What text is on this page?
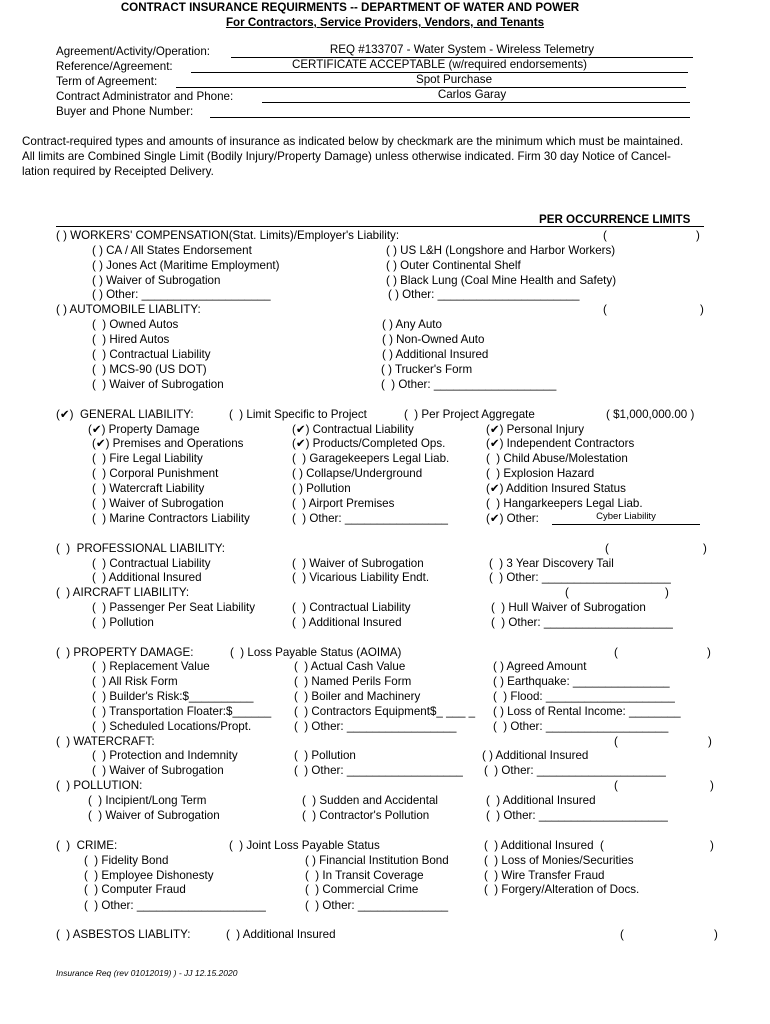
CONTRACT INSURANCE REQUIRMENTS -- DEPARTMENT OF WATER AND POWER
For Contractors, Service Providers, Vendors, and Tenants
Agreement/Activity/Operation:	REQ #133707 - Water System - Wireless Telemetry
Reference/Agreement:	CERTIFICATE ACCEPTABLE (w/required endorsements)
Term of Agreement:	Spot Purchase
Contract Administrator and Phone:	Carlos Garay
Buyer and Phone Number:
Contract-required types and amounts of insurance as indicated below by checkmark are the minimum which must be maintained.
All limits are Combined Single Limit (Bodily Injury/Property Damage) unless otherwise indicated. Firm 30 day Notice of Cancel-
lation required by Receipted Delivery.
PER OCCURRENCE LIMITS
( ) WORKERS' COMPENSATION(Stat. Limits)/Employer's Liability:	(	)
( ) CA / All States Endorsement
( ) Jones Act (Maritime Employment)
( ) Waiver of Subrogation
( ) Other: ____________________
( ) US L&H (Longshore and Harbor Workers)
( ) Outer Continental Shelf
( ) Black Lung (Coal Mine Health and Safety)
( ) Other: ______________________
( ) AUTOMOBILE LIABLITY:	(	)
(  ) Owned Autos
(  ) Hired Autos
(  ) Contractual Liability
(  ) MCS-90 (US DOT)
(  ) Waiver of Subrogation
( ) Any Auto
( ) Non-Owned Auto
( ) Additional Insured
( ) Trucker's Form
(  ) Other: ___________________
(✔) GENERAL LIABILITY:	(  ) Limit Specific to Project	(  ) Per Project Aggregate	( $1,000,000.00 )
(✔) Property Damage
(✔) Premises and Operations
(  ) Fire Legal Liability
(  ) Corporal Punishment
(  ) Watercraft Liability
(  ) Waiver of Subrogation
(  ) Marine Contractors Liability
(✔) Contractual Liability
(✔) Products/Completed Ops.
(  ) Garagekeepers Legal Liab.
( ) Collapse/Underground
( ) Pollution
(  ) Airport Premises
(  ) Other: ________________
(✔) Personal Injury
(✔) Independent Contractors
(  ) Child Abuse/Molestation
(  ) Explosion Hazard
(✔) Addition Insured Status
(  ) Hangarkeepers Legal Liab.
(✔) Other:	Cyber Liability
(  )  PROFESSIONAL LIABILITY:	(	)
(  ) Contractual Liability
(  ) Additional Insured
(  ) Waiver of Subrogation
(  ) Vicarious Liability Endt.
(  ) 3 Year Discovery Tail
(  ) Other: ____________________
(  ) AIRCRAFT LIABILITY:	(	)
(  ) Passenger Per Seat Liability
(  ) Pollution
(  ) Contractual Liability
(  ) Additional Insured
(  ) Hull Waiver of Subrogation
(  ) Other: ____________________
(  ) PROPERTY DAMAGE:	(  ) Loss Payable Status (AOIMA)	(	)
(  ) Replacement Value
(  ) All Risk Form
(  ) Builder's Risk:$__________
(  ) Transportation Floater:$______
(  ) Scheduled Locations/Propt.
(  ) Actual Cash Value
(  ) Named Perils Form
(  ) Boiler and Machinery
(  ) Contractors Equipment$_ ___ _
(  ) Other: _________________
( ) Agreed Amount
( ) Earthquake: _______________
(  ) Flood: ____________________
( ) Loss of Rental Income: ________
(  ) Other: ___________________
(  ) WATERCRAFT:	(	)
(  ) Protection and Indemnity
(  ) Waiver of Subrogation
(  ) Pollution
(  ) Other: __________________
( ) Additional Insured
(  ) Other: ____________________
(  ) POLLUTION:	(	)
(  ) Incipient/Long Term
(  ) Waiver of Subrogation
(  ) Sudden and Accidental
(  ) Contractor's Pollution
(  ) Additional Insured
(  ) Other: ____________________
(  )  CRIME:	(  ) Joint Loss Payable Status	(  ) Additional Insured  (	)
(  ) Fidelity Bond
(  ) Employee Dishonesty
(  ) Computer Fraud
(  ) Other: ____________________
( ) Financial Institution Bond
(  ) In Transit Coverage
(  ) Commercial Crime
(  ) Other: ______________
(  ) Loss of Monies/Securities
(  ) Wire Transfer Fraud
(  ) Forgery/Alteration of Docs.
(  ) ASBESTOS LIABLITY:	(  ) Additional Insured	(	)
Insurance Req (rev 01012019) ) - JJ 12.15.2020
